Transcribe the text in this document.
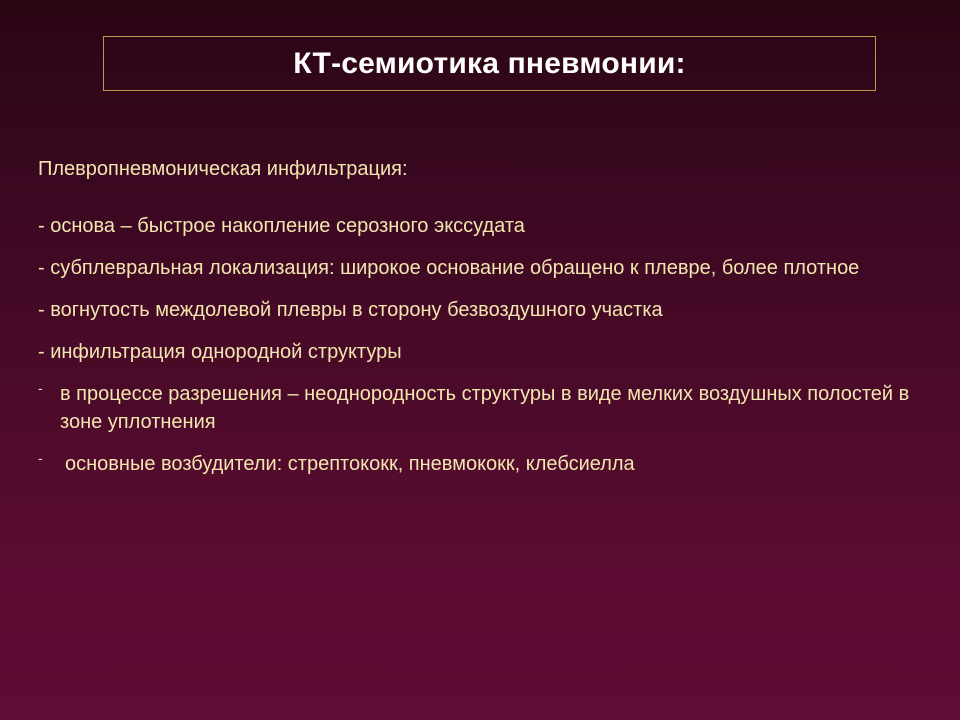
КТ-семиотика пневмонии:
Плевропневмоническая инфильтрация:
- основа – быстрое накопление серозного экссудата
- субплевральная локализация: широкое основание обращено к плевре, более плотное
- вогнутость междолевой плевры в сторону безвоздушного участка
- инфильтрация однородной структуры
- в процессе разрешения – неоднородность структуры в виде мелких воздушных полостей в зоне уплотнения
- основные возбудители: стрептококк, пневмококк, клебсиелла
